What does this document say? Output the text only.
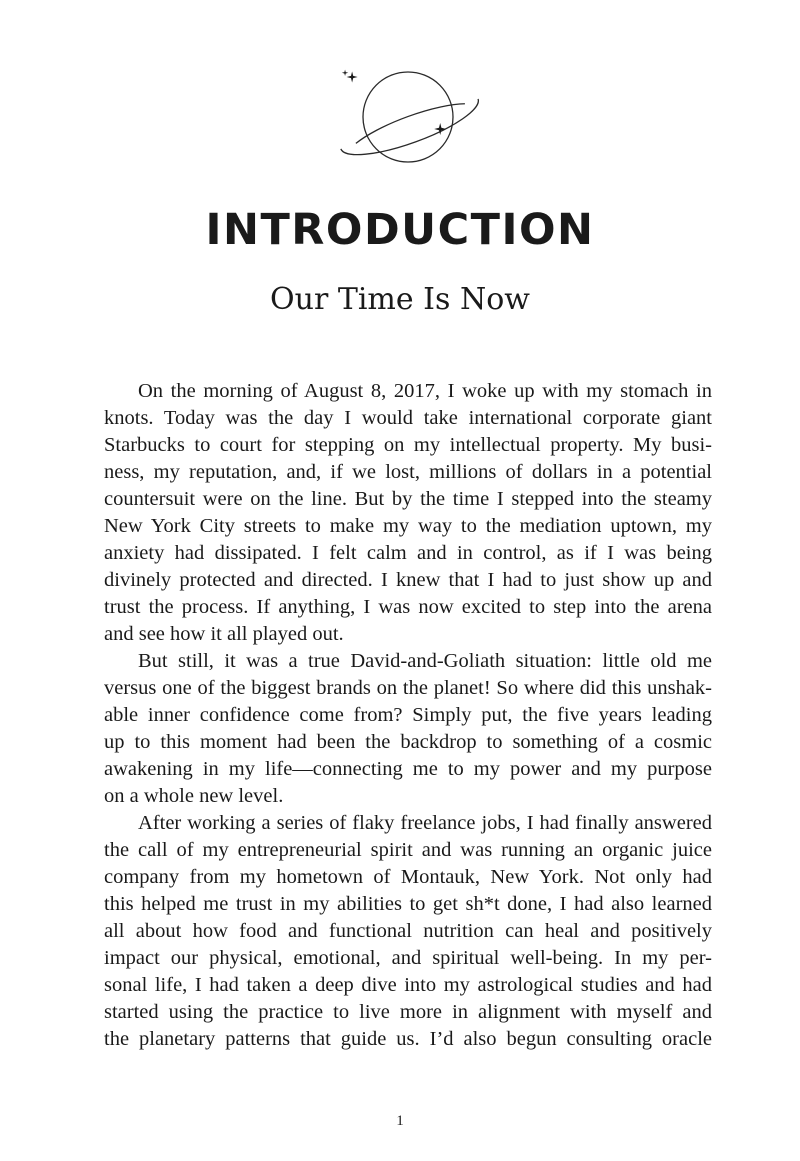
INTRODUCTION
Our Time Is Now
On the morning of August 8, 2017, I woke up with my stomach in
knots. Today was the day I would take international corporate giant
Starbucks to court for stepping on my intellectual property. My busi-
ness, my reputation, and, if we lost, millions of dollars in a potential
countersuit were on the line. But by the time I stepped into the steamy
New York City streets to make my way to the mediation uptown, my
anxiety had dissipated. I felt calm and in control, as if I was being
divinely protected and directed. I knew that I had to just show up and
trust the process. If anything, I was now excited to step into the arena
and see how it all played out.
But still, it was a true David-and-Goliath situation: little old me
versus one of the biggest brands on the planet! So where did this unshak-
able inner confidence come from? Simply put, the five years leading
up to this moment had been the backdrop to something of a cosmic
awakening in my life—connecting me to my power and my purpose
on a whole new level.
After working a series of flaky freelance jobs, I had finally answered
the call of my entrepreneurial spirit and was running an organic juice
company from my hometown of Montauk, New York. Not only had
this helped me trust in my abilities to get sh*t done, I had also learned
all about how food and functional nutrition can heal and positively
impact our physical, emotional, and spiritual well-being. In my per-
sonal life, I had taken a deep dive into my astrological studies and had
started using the practice to live more in alignment with myself and
the planetary patterns that guide us. I’d also begun consulting oracle
1
